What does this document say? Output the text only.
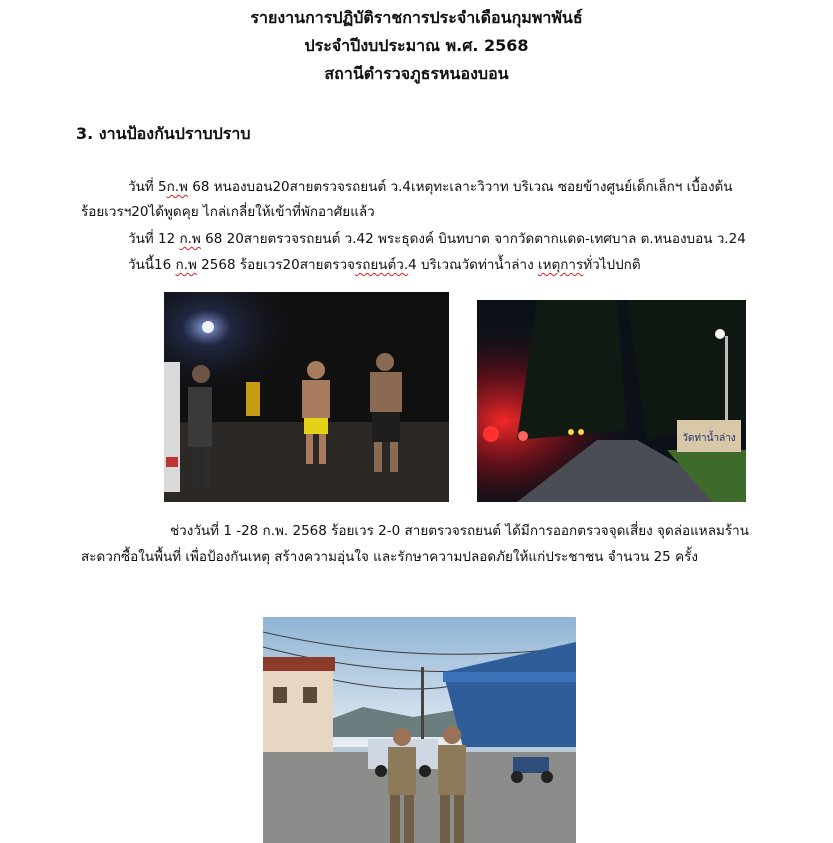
รายงานการปฏิบัติราชการประจำเดือนกุมพาพันธ์
ประจำปีงบประมาณ พ.ศ. 2568
สถานีตำรวจภูธรหนองบอน
3. งานป้องกันปราบปราบ
วันที่ 5ก.พ 68 หนองบอน20สายตรวจรถยนต์ ว.4เหตุทะเลาะวิวาท บริเวณ ซอยข้างศูนย์เด็กเล็กฯ เบื้องต้น
ร้อยเวรฯ20ได้พูดคุย ไกล่เกลี่ยให้เข้าที่พักอาศัยแล้ว
วันที่ 12 ก.พ 68 20สายตรวจรถยนต์ ว.42 พระธุดงค์ บินทบาต จากวัดตากแดด-เทศบาล ต.หนองบอน ว.24
วันนี้16 ก.พ 2568 ร้อยเวร20สายตรวจรถยนต์ว.4 บริเวณวัดท่าน้ำล่าง เหตุการทั่วไปปกติ
วัดท่าน้ำล่าง
ช่วงวันที่ 1 -28 ก.พ. 2568 ร้อยเวร 2-0 สายตรวจรถยนต์ ได้มีการออกตรวจจุดเสี่ยง จุดล่อแหลมร้าน
สะดวกซื้อในพื้นที่ เพื่อป้องกันเหตุ สร้างความอุ่นใจ และรักษาความปลอดภัยให้แก่ประชาชน จำนวน 25 ครั้ง
